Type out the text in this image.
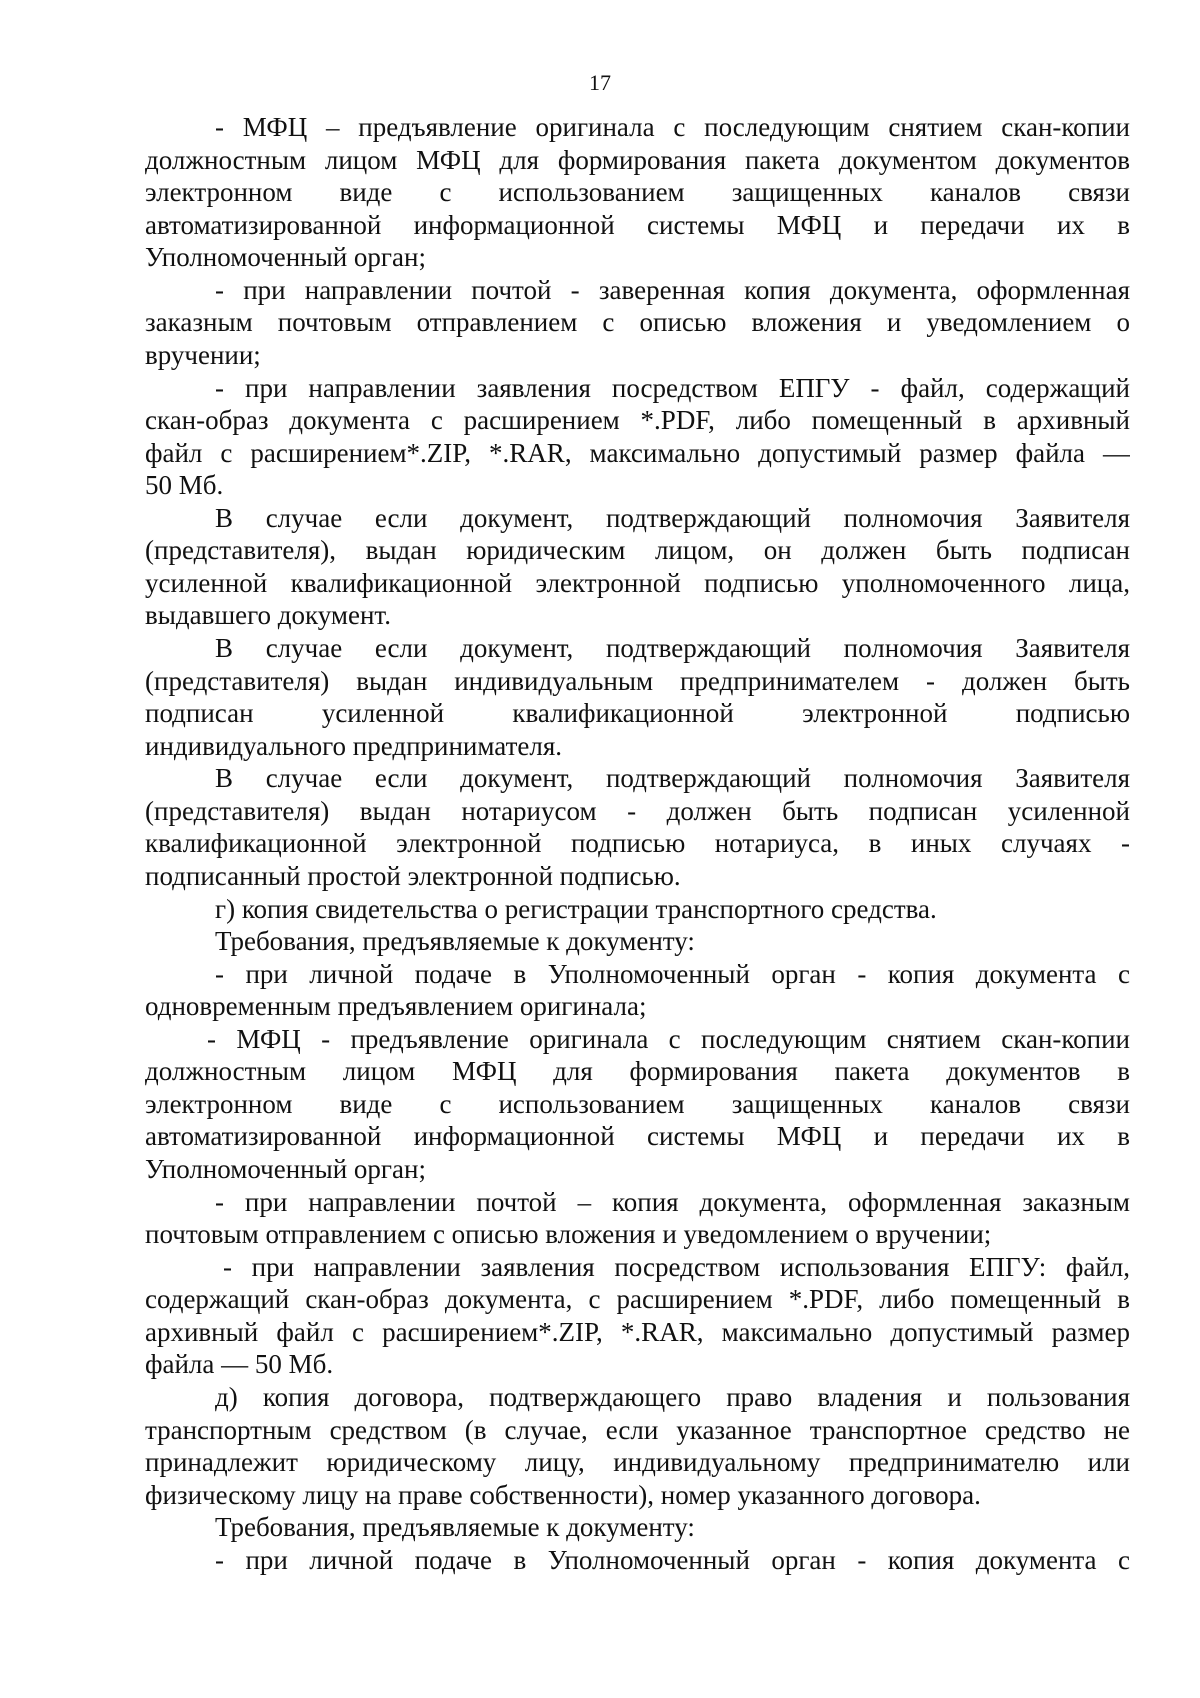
17
- МФЦ – предъявление оригинала с последующим снятием скан-копии
должностным лицом МФЦ для формирования пакета документом документов
электронном виде с использованием защищенных каналов связи
автоматизированной информационной системы МФЦ и передачи их в
Уполномоченный орган;
- при направлении почтой - заверенная копия документа, оформленная
заказным почтовым отправлением с описью вложения и уведомлением о
вручении;
- при направлении заявления посредством ЕПГУ - файл, содержащий
скан-образ документа с расширением *.PDF, либо помещенный в архивный
файл с расширением*.ZIP, *.RAR, максимально допустимый размер файла —
50 Мб.
В случае если документ, подтверждающий полномочия Заявителя
(представителя), выдан юридическим лицом, он должен быть подписан
усиленной квалификационной электронной подписью уполномоченного лица,
выдавшего документ.
В случае если документ, подтверждающий полномочия Заявителя
(представителя) выдан индивидуальным предпринимателем - должен быть
подписан усиленной квалификационной электронной подписью
индивидуального предпринимателя.
В случае если документ, подтверждающий полномочия Заявителя
(представителя) выдан нотариусом - должен быть подписан усиленной
квалификационной электронной подписью нотариуса, в иных случаях -
подписанный простой электронной подписью.
г) копия свидетельства о регистрации транспортного средства.
Требования, предъявляемые к документу:
- при личной подаче в Уполномоченный орган - копия документа с
одновременным предъявлением оригинала;
- МФЦ - предъявление оригинала с последующим снятием скан-копии
должностным лицом МФЦ для формирования пакета документов в
электронном виде с использованием защищенных каналов связи
автоматизированной информационной системы МФЦ и передачи их в
Уполномоченный орган;
- при направлении почтой – копия документа, оформленная заказным
почтовым отправлением с описью вложения и уведомлением о вручении;
- при направлении заявления посредством использования ЕПГУ: файл,
содержащий скан-образ документа, с расширением *.PDF, либо помещенный в
архивный файл с расширением*.ZIP, *.RAR, максимально допустимый размер
файла — 50 Мб.
д) копия договора, подтверждающего право владения и пользования
транспортным средством (в случае, если указанное транспортное средство не
принадлежит юридическому лицу, индивидуальному предпринимателю или
физическому лицу на праве собственности), номер указанного договора.
Требования, предъявляемые к документу:
- при личной подаче в Уполномоченный орган - копия документа с
